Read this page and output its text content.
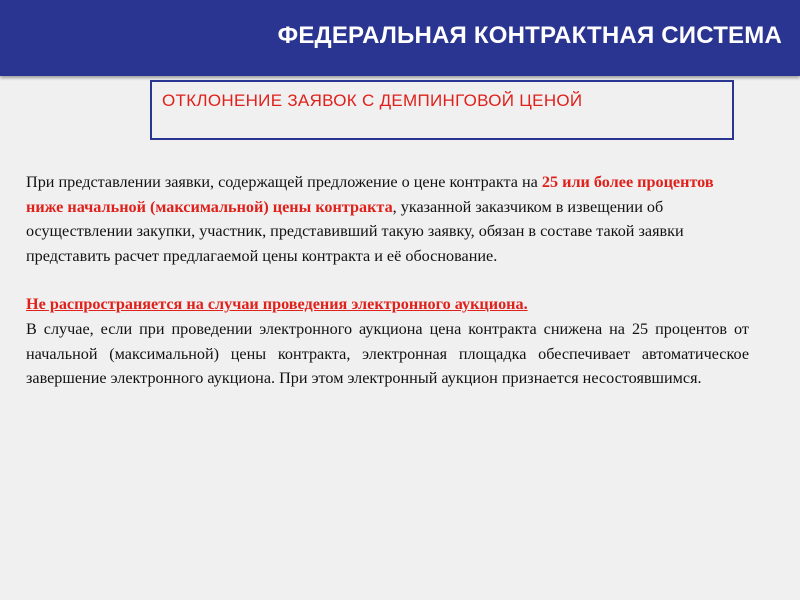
ФЕДЕРАЛЬНАЯ КОНТРАКТНАЯ СИСТЕМА
ОТКЛОНЕНИЕ ЗАЯВОК С ДЕМПИНГОВОЙ ЦЕНОЙ

При представлении заявки, содержащей предложение о цене контракта на 25 или более процентов ниже начальной (максимальной) цены контракта, указанной заказчиком в извещении об осуществлении закупки, участник, представивший такую заявку, обязан в составе такой заявки представить расчет предлагаемой цены контракта и её обоснование.

Не распространяется на случаи проведения электронного аукциона.

В случае, если при проведении электронного аукциона цена контракта снижена на 25 процентов от начальной (максимальной) цены контракта, электронная площадка обеспечивает автоматическое завершение электронного аукциона. При этом электронный аукцион признается несостоявшимся.
